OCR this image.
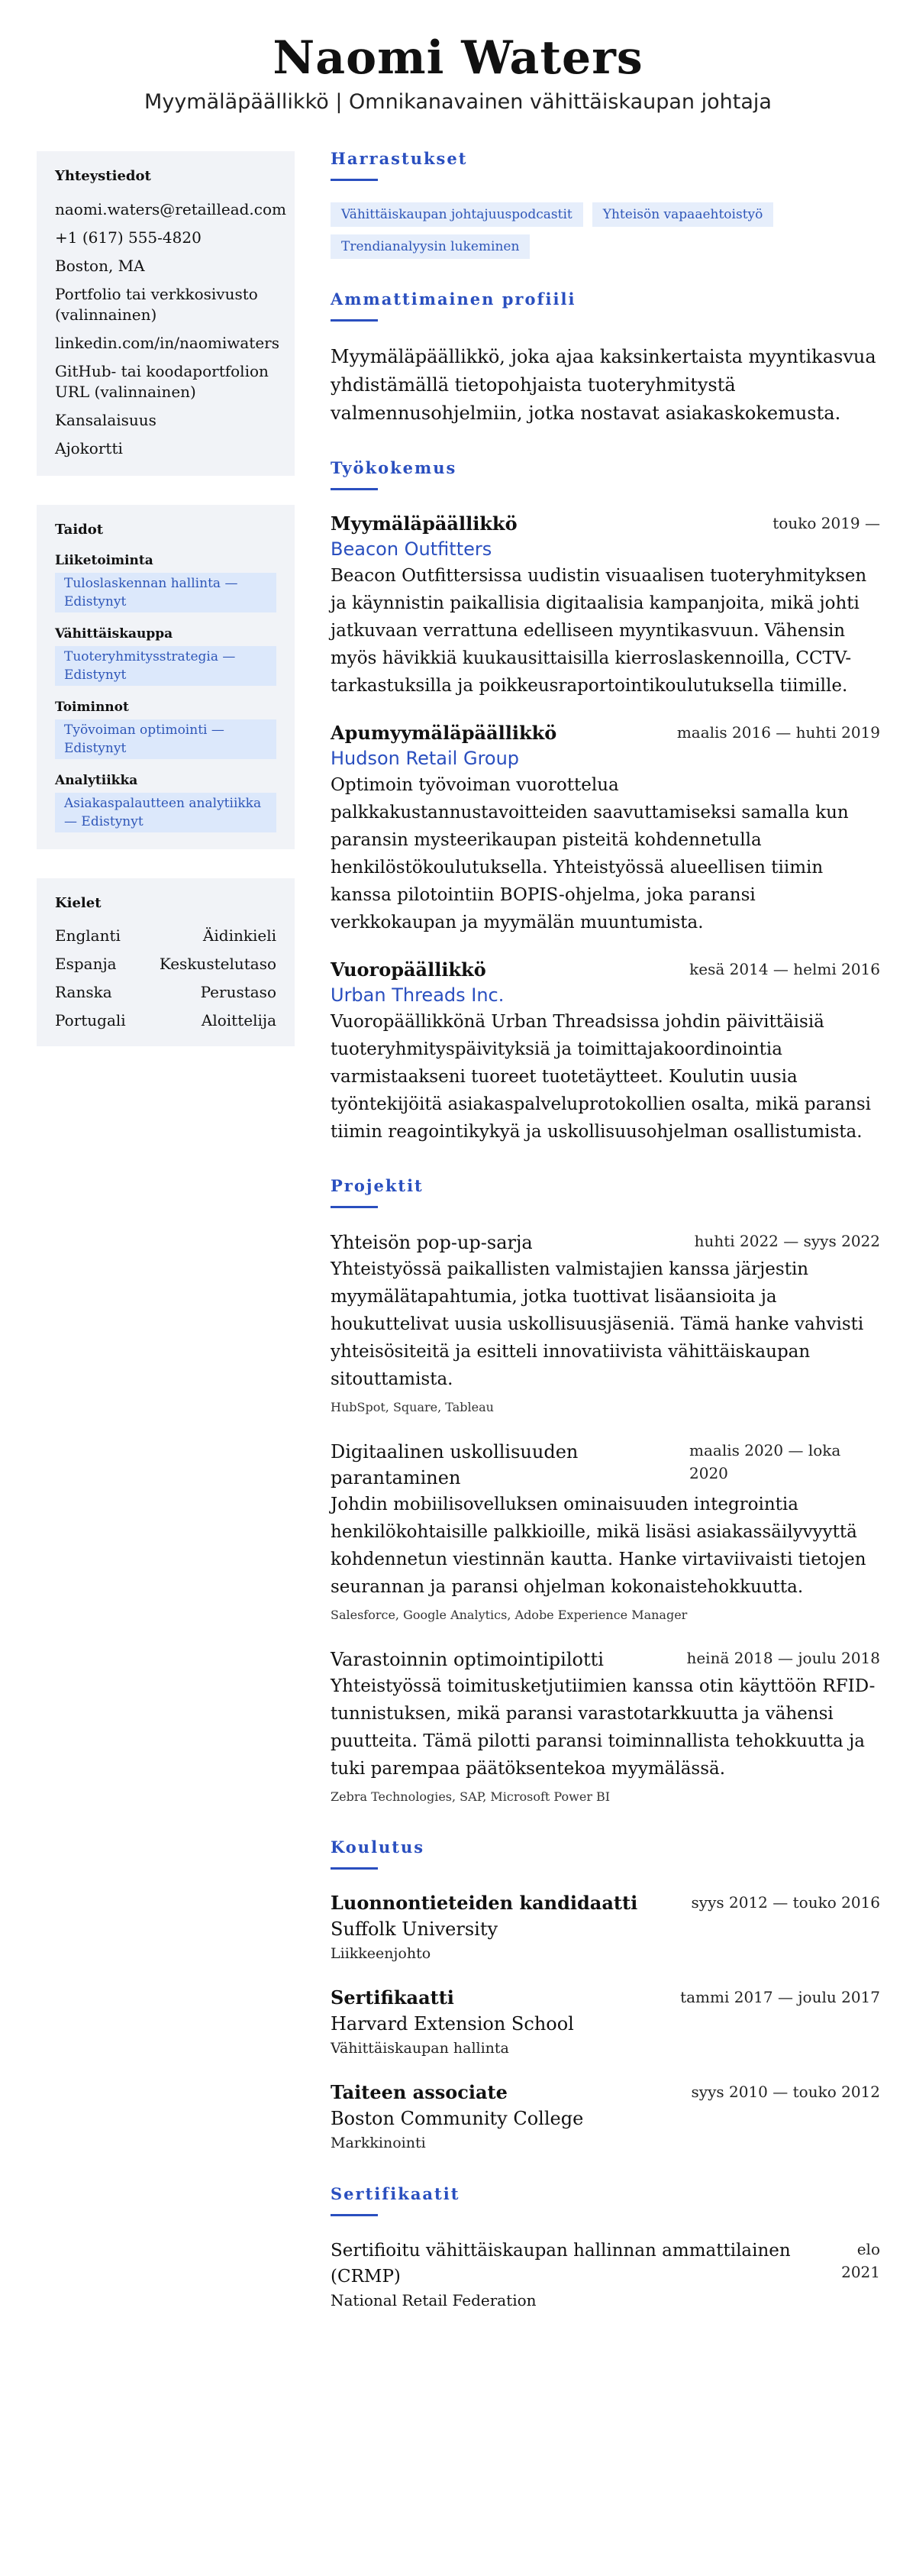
Naomi Waters
Myymäläpäällikkö | Omnikanavainen vähittäiskaupan johtaja
Yhteystiedot
naomi.waters@retaillead.com
+1 (617) 555-4820
Boston, MA
Portfolio tai verkkosivusto (valinnainen)
linkedin.com/in/naomiwaters
GitHub- tai koodaportfolion URL (valinnainen)
Kansalaisuus
Ajokortti
Taidot
Liiketoiminta
Tuloslaskennan hallinta — Edistynyt
Vähittäiskauppa
Tuoteryhmitysstrategia — Edistynyt
Toiminnot
Työvoiman optimointi — Edistynyt
Analytiikka
Asiakaspalautteen analytiikka — Edistynyt
Kielet
Englanti	Äidinkieli
Espanja	Keskustelutaso
Ranska	Perustaso
Portugali	Aloittelija
Harrastukset
Vähittäiskaupan johtajuuspodcastit	Yhteisön vapaaehtoistyö
Trendianalyysin lukeminen
Ammattimainen profiili
Myymäläpäällikkö, joka ajaa kaksinkertaista myyntikasvua yhdistämällä tietopohjaista tuoteryhmitystä valmennusohjelmiin, jotka nostavat asiakaskokemusta.
Työkokemus
Myymäläpäällikkö	touko 2019 —
Beacon Outfitters
Beacon Outfittersissa uudistin visuaalisen tuoteryhmityksen ja käynnistin paikallisia digitaalisia kampanjoita, mikä johti jatkuvaan verrattuna edelliseen myyntikasvuun. Vähensin myös hävikkiä kuukausittaisilla kierroslaskennoilla, CCTV-tarkastuksilla ja poikkeusraportointikoulutuksella tiimille.
Apumyymäläpäällikkö	maalis 2016 — huhti 2019
Hudson Retail Group
Optimoin työvoiman vuorottelua palkkakustannustavoitteiden saavuttamiseksi samalla kun paransin mysteerikaupan pisteitä kohdennetulla henkilöstökoulutuksella. Yhteistyössä alueellisen tiimin kanssa pilotointiin BOPIS-ohjelma, joka paransi verkkokaupan ja myymälän muuntumista.
Vuoropäällikkö	kesä 2014 — helmi 2016
Urban Threads Inc.
Vuoropäällikkönä Urban Threadsissa johdin päivittäisiä tuoteryhmityspäivityksiä ja toimittajakoordinointia varmistaakseni tuoreet tuotetäytteet. Koulutin uusia työntekijöitä asiakaspalveluprotokollien osalta, mikä paransi tiimin reagointikykyä ja uskollisuusohjelman osallistumista.
Projektit
Yhteisön pop-up-sarja	huhti 2022 — syys 2022
Yhteistyössä paikallisten valmistajien kanssa järjestin myymälätapahtumia, jotka tuottivat lisäansioita ja houkuttelivat uusia uskollisuusjäseniä. Tämä hanke vahvisti yhteisösiteitä ja esitteli innovatiivista vähittäiskaupan sitouttamista.
HubSpot, Square, Tableau
Digitaalinen uskollisuuden parantaminen
maalis 2020 — loka 2020
Johdin mobiilisovelluksen ominaisuuden integrointia henkilökohtaisille palkkioille, mikä lisäsi asiakassäilyvyyttä kohdennetun viestinnän kautta. Hanke virtaviivaisti tietojen seurannan ja paransi ohjelman kokonaistehokkuutta.
Salesforce, Google Analytics, Adobe Experience Manager
Varastoinnin optimointipilotti	heinä 2018 — joulu 2018
Yhteistyössä toimitusketjutiimien kanssa otin käyttöön RFID-tunnistuksen, mikä paransi varastotarkkuutta ja vähensi puutteita. Tämä pilotti paransi toiminnallista tehokkuutta ja tuki parempaa päätöksentekoa myymälässä.
Zebra Technologies, SAP, Microsoft Power BI
Koulutus
Luonnontieteiden kandidaatti	syys 2012 — touko 2016
Suffolk University
Liikkeenjohto
Sertifikaatti	tammi 2017 — joulu 2017
Harvard Extension School
Vähittäiskaupan hallinta
Taiteen associate	syys 2010 — touko 2012
Boston Community College
Markkinointi
Sertifikaatit
Sertifioitu vähittäiskaupan hallinnan ammattilainen (CRMP)
National Retail Federation
elo 2021
